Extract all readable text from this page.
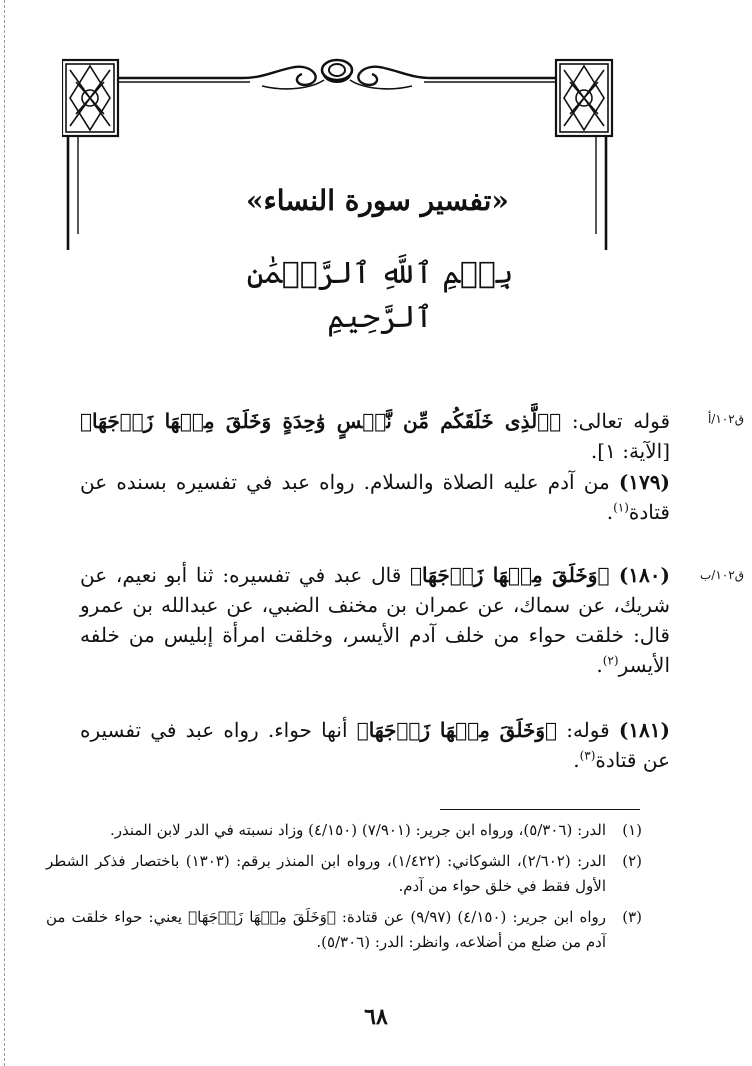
«تفسير سورة النساء»
بِسۡمِ ٱللَّهِ ٱلرَّحۡمَٰنِ ٱلرَّحِيمِ
ق١٠٢/أ
قوله تعالى: ﴿ٱلَّذِى خَلَقَكُم مِّن نَّفۡسٍ وَٰحِدَةٍ وَخَلَقَ مِنۡهَا زَوۡجَهَا﴾ [الآية: ١].
(١٧٩) من آدم عليه الصلاة والسلام. رواه عبد في تفسيره بسنده عن قتادة$^{(١)}$.
ق١٠٢/ب
(١٨٠) ﴿وَخَلَقَ مِنۡهَا زَوۡجَهَا﴾ قال عبد في تفسيره: ثنا أبو نعيم، عن شريك، عن سماك، عن عمران بن مخنف الضبي، عن عبدالله بن عمرو قال: خلقت حواء من خلف آدم الأيسر، وخلقت امرأة إبليس من خلفه الأيسر$^{(٢)}$.
(١٨١) قوله: ﴿وَخَلَقَ مِنۡهَا زَوۡجَهَا﴾ أنها حواء. رواه عبد في تفسيره عن قتادة$^{(٣)}$.
(١)
الدر: (٥/٣٠٦)، ورواه ابن جرير: (٧/٩٠١) (٤/١٥٠) وزاد نسبته في الدر لابن المنذر.
(٢)
الدر: (٢/٦٠٢)، الشوكاني: (١/٤٢٢)، ورواه ابن المنذر برقم: (١٣٠٣) باختصار فذكر الشطر الأول فقط في خلق حواء من آدم.
(٣)
رواه ابن جرير: (٤/١٥٠) (٩/٩٧) عن قتادة: ﴿وَخَلَقَ مِنۡهَا زَوۡجَهَا﴾ يعني: حواء خلقت من آدم من ضلع من أضلاعه، وانظر: الدر: (٥/٣٠٦).
٦٨
